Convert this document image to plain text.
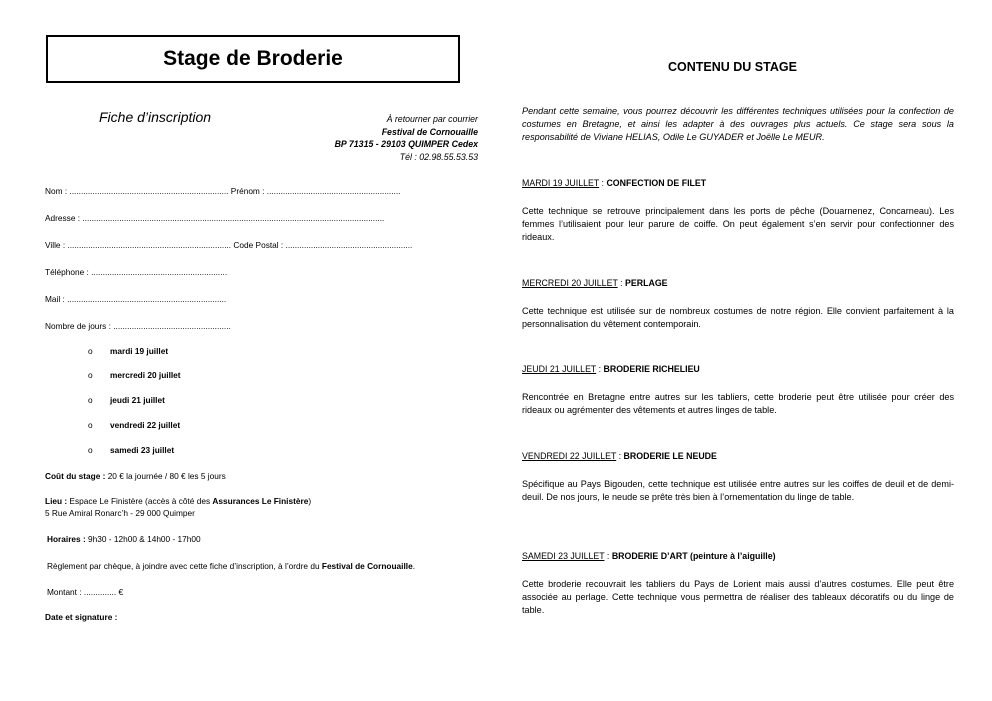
Stage de Broderie
Fiche d’inscription	À retourner par courrier
Festival de Cornouaille
BP 71315 - 29103 QUIMPER Cedex
Tél : 02.98.55.53.53
Nom : ..................................................................... Prénom : ..........................................................
Adresse : ...................................................................................................................................
Ville : ....................................................................... Code Postal : .......................................................
Téléphone : ...........................................................
Mail : .....................................................................
Nombre de jours : ...................................................
o mardi 19 juillet
o mercredi 20 juillet
o jeudi 21 juillet
o vendredi 22 juillet
o samedi 23 juillet
Coût du stage : 20 € la journée / 80 € les 5 jours
Lieu : Espace Le Finistère (accès à côté des Assurances Le Finistère)
5 Rue Amiral Ronarc’h - 29 000 Quimper
Horaires : 9h30 - 12h00 & 14h00 - 17h00
Règlement par chèque, à joindre avec cette fiche d’inscription, à l’ordre du Festival de Cornouaille.
Montant : .............. €
Date et signature :
CONTENU DU STAGE
Pendant cette semaine, vous pourrez découvrir les différentes techniques utilisées pour la confection de costumes en Bretagne, et ainsi les adapter à des ouvrages plus actuels. Ce stage sera sous la responsabilité de Viviane HELIAS, Odile Le GUYADER et Joëlle Le MEUR.
MARDI 19 JUILLET : CONFECTION DE FILET
Cette technique se retrouve principalement dans les ports de pêche (Douarnenez, Concarneau). Les femmes l’utilisaient pour leur parure de coiffe. On peut également s’en servir pour confectionner des rideaux.
MERCREDI 20 JUILLET : PERLAGE
Cette technique est utilisée sur de nombreux costumes de notre région. Elle convient parfaitement à la personnalisation du vêtement contemporain.
JEUDI 21 JUILLET : BRODERIE RICHELIEU
Rencontrée en Bretagne entre autres sur les tabliers, cette broderie peut être utilisée pour créer des rideaux ou agrémenter des vêtements et autres linges de table.
VENDREDI 22 JUILLET : BRODERIE LE NEUDE
Spécifique au Pays Bigouden, cette technique est utilisée entre autres sur les coiffes de deuil et de demi-deuil. De nos jours, le neude se prête très bien à l’ornementation du linge de table.
SAMEDI 23 JUILLET : BRODERIE D’ART (peinture à l’aiguille)
Cette broderie recouvrait les tabliers du Pays de Lorient mais aussi d’autres costumes. Elle peut être associée au perlage. Cette technique vous permettra de réaliser des tableaux décoratifs ou du linge de table.
